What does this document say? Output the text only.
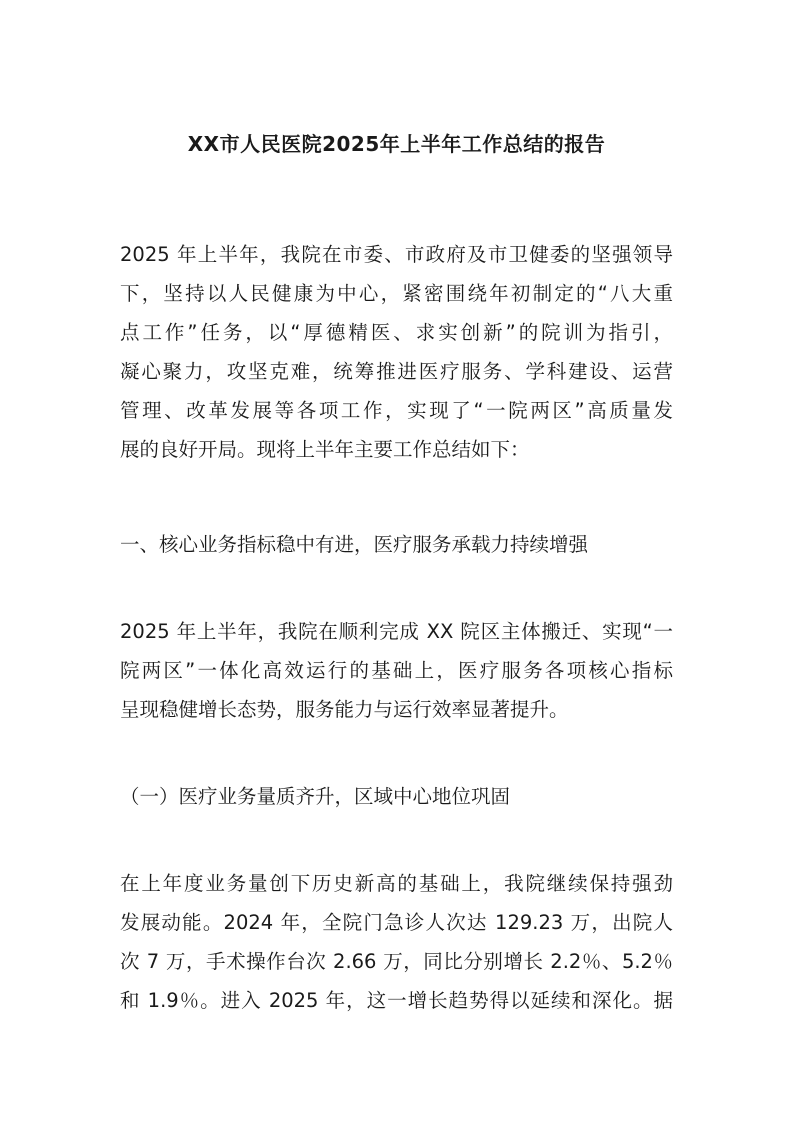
XX市人民医院2025年上半年工作总结的报告
2025 年上半年，我院在市委、市政府及市卫健委的坚强领导
下，坚持以人民健康为中心，紧密围绕年初制定的“八大重
点工作”任务，以“厚德精医、求实创新”的院训为指引，
凝心聚力，攻坚克难，统筹推进医疗服务、学科建设、运营
管理、改革发展等各项工作，实现了“一院两区”高质量发
展的良好开局。现将上半年主要工作总结如下：
一、核心业务指标稳中有进，医疗服务承载力持续增强
2025 年上半年，我院在顺利完成 XX 院区主体搬迁、实现“一
院两区”一体化高效运行的基础上，医疗服务各项核心指标
呈现稳健增长态势，服务能力与运行效率显著提升。
（一）医疗业务量质齐升，区域中心地位巩固
在上年度业务量创下历史新高的基础上，我院继续保持强劲
发展动能。2024 年，全院门急诊人次达 129.23 万，出院人
次 7 万，手术操作台次 2.66 万，同比分别增长 2.2％、5.2％
和 1.9％。进入 2025 年，这一增长趋势得以延续和深化。据
